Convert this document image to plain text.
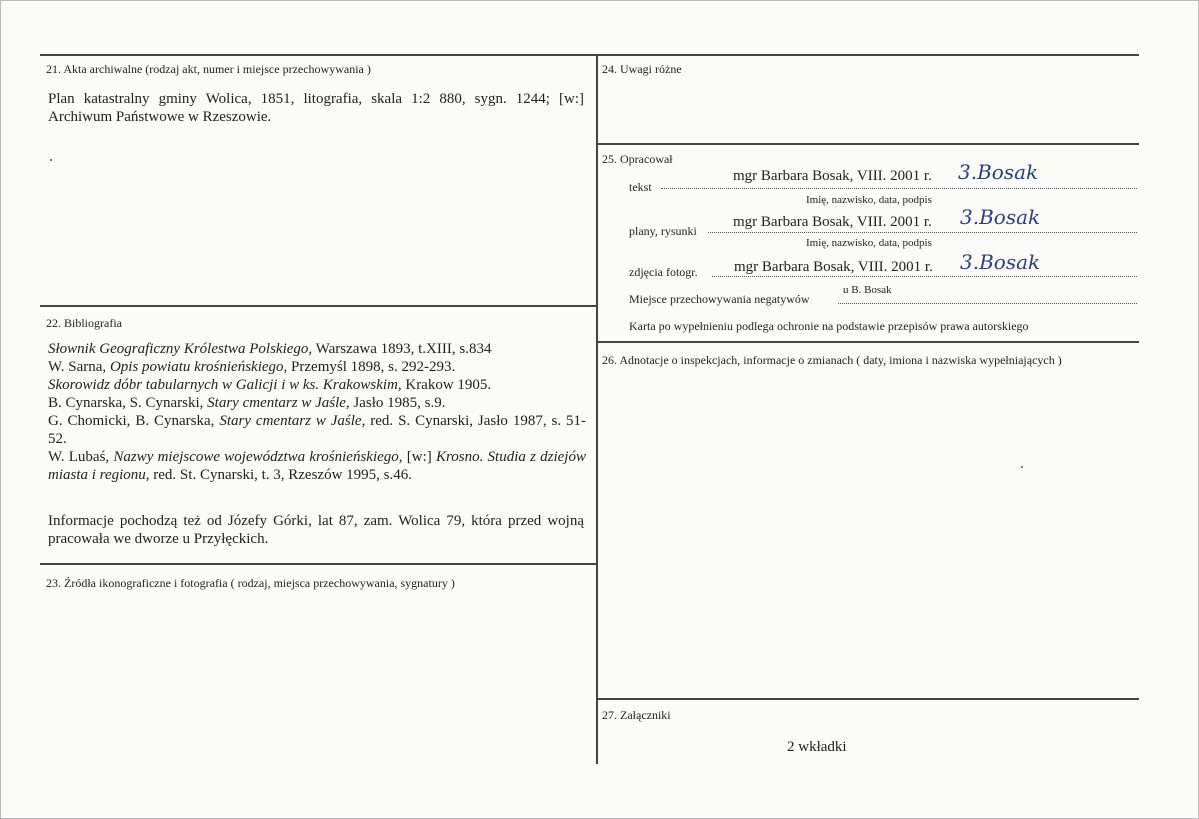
21. Akta archiwalne (rodzaj akt, numer i miejsce przechowywania )
Plan katastralny gminy Wolica, 1851, litografia, skala 1:2 880, sygn. 1244; [w:] Archiwum Państwowe w Rzeszowie.
22. Bibliografia

Słownik Geograficzny Królestwa Polskiego, Warszawa 1893, t.XIII, s.834

W. Sarna, Opis powiatu krośnieńskiego, Przemyśl 1898, s. 292-293.

Skorowidz dóbr tabularnych w Galicji i w ks. Krakowskim, Krakow 1905.

B. Cynarska, S. Cynarski, Stary cmentarz w Jaśle, Jasło 1985, s.9.

G. Chomicki, B. Cynarska, Stary cmentarz w Jaśle, red. S. Cynarski, Jasło 1987, s. 51-52.

W. Lubaś, Nazwy miejscowe województwa krośnieńskiego, [w:] Krosno. Studia z dziejów miasta i regionu, red. St. Cynarski, t. 3, Rzeszów 1995, s.46.

Informacje pochodzą też od Józefy Górki, lat 87, zam. Wolica 79, która przed wojną pracowała we dworze u Przyłęckich.
23. Źródła ikonograficzne i fotografia ( rodzaj, miejsca przechowywania, sygnatury )
24. Uwagi różne
25. Opracował
tekst
mgr Barbara Bosak, VIII. 2001 r. 3.Bosak
Imię, nazwisko, data, podpis
plany, rysunki
mgr Barbara Bosak, VIII. 2001 r. 3.Bosak
Imię, nazwisko, data, podpis
zdjęcia fotogr. mgr Barbara Bosak, VIII. 2001 r. 3.Bosak
Miejsce przechowywania negatywów
u B. Bosak
Karta po wypełnieniu podlega ochronie na podstawie przepisów prawa autorskiego
26. Adnotacje o inspekcjach, informacje o zmianach ( daty, imiona i nazwiska wypełniających )
27. Załączniki
2 wkładki
